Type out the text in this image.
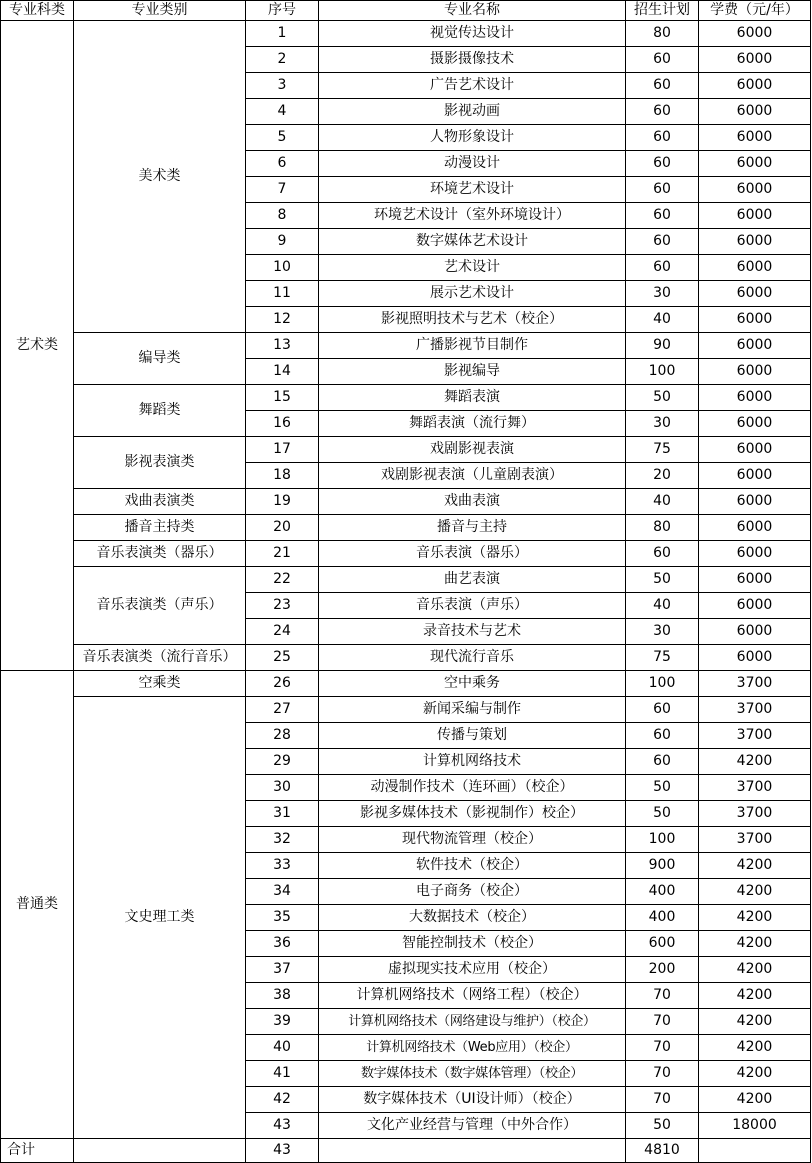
专业科类	专业类别	序号	专业名称	招生计划	学费（元/年）
艺术类	美术类	1	视觉传达设计	80	6000
		2	摄影摄像技术	60	6000
		3	广告艺术设计	60	6000
		4	影视动画	60	6000
		5	人物形象设计	60	6000
		6	动漫设计	60	6000
		7	环境艺术设计	60	6000
		8	环境艺术设计（室外环境设计）	60	6000
		9	数字媒体艺术设计	60	6000
		10	艺术设计	60	6000
		11	展示艺术设计	30	6000
		12	影视照明技术与艺术（校企）	40	6000
	编导类	13	广播影视节目制作	90	6000
		14	影视编导	100	6000
	舞蹈类	15	舞蹈表演	50	6000
		16	舞蹈表演（流行舞）	30	6000
	影视表演类	17	戏剧影视表演	75	6000
		18	戏剧影视表演（儿童剧表演）	20	6000
	戏曲表演类	19	戏曲表演	40	6000
	播音主持类	20	播音与主持	80	6000
	音乐表演类（器乐）	21	音乐表演（器乐）	60	6000
	音乐表演类（声乐）	22	曲艺表演	50	6000
		23	音乐表演（声乐）	40	6000
		24	录音技术与艺术	30	6000
	音乐表演类（流行音乐）	25	现代流行音乐	75	6000
普通类	空乘类	26	空中乘务	100	3700
	文史理工类	27	新闻采编与制作	60	3700
		28	传播与策划	60	3700
		29	计算机网络技术	60	4200
		30	动漫制作技术（连环画）（校企）	50	3700
		31	影视多媒体技术（影视制作）校企）	50	3700
		32	现代物流管理（校企）	100	3700
		33	软件技术（校企）	900	4200
		34	电子商务（校企）	400	4200
		35	大数据技术（校企）	400	4200
		36	智能控制技术（校企）	600	4200
		37	虚拟现实技术应用（校企）	200	4200
		38	计算机网络技术（网络工程）（校企）	70	4200
		39	计算机网络技术（网络建设与维护）（校企）	70	4200
		40	计算机网络技术（Web应用）（校企）	70	4200
		41	数字媒体技术（数字媒体管理）（校企）	70	4200
		42	数字媒体技术（UI设计师）（校企）	70	4200
		43	文化产业经营与管理（中外合作）	50	18000
合计		43		4810	
